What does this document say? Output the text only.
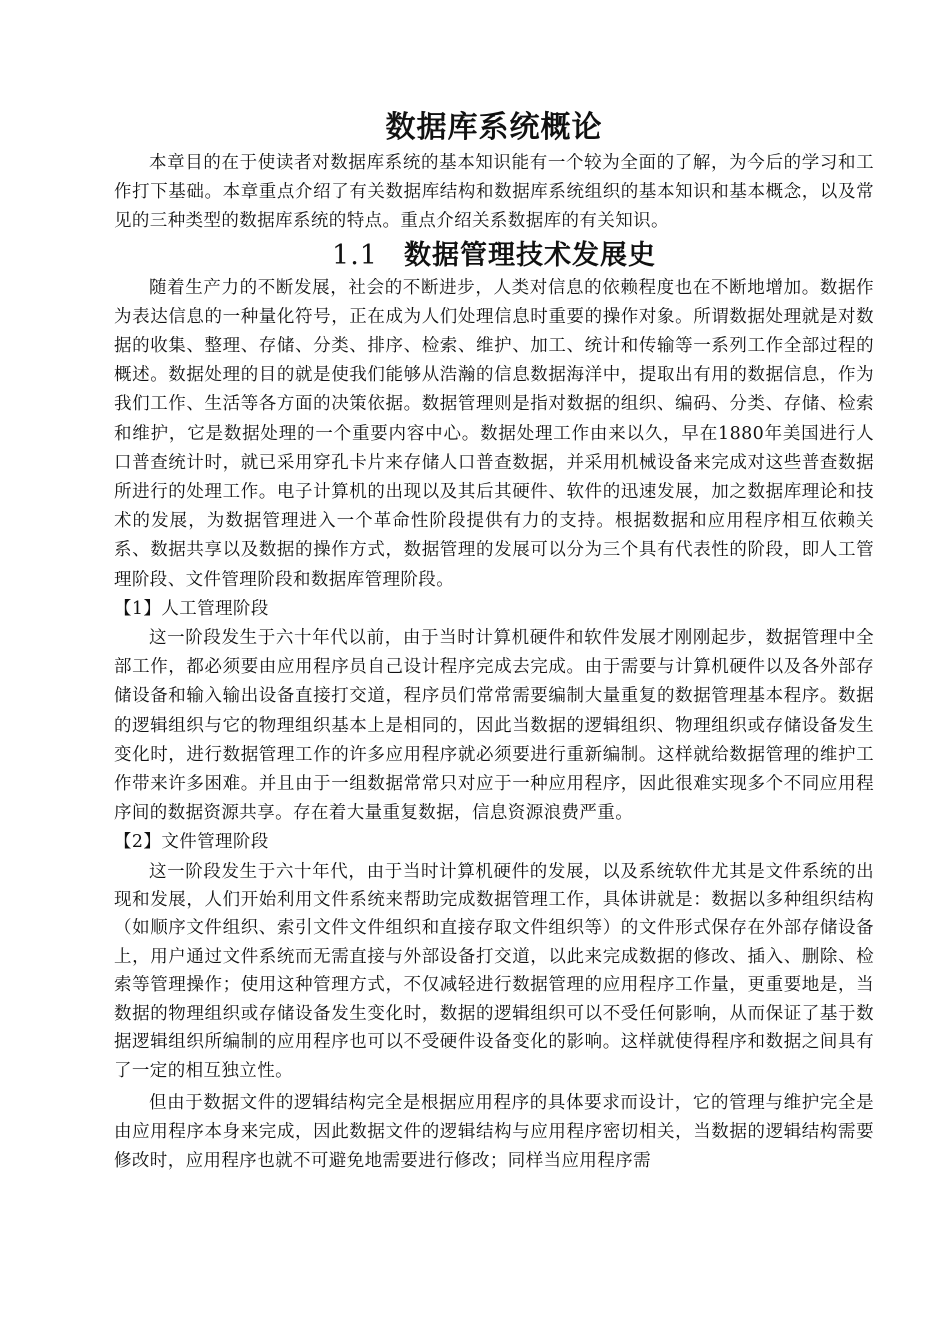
数据库系统概论

本章目的在于使读者对数据库系统的基本知识能有一个较为全面的了解，为今后的学习和工作打下基础。本章重点介绍了有关数据库结构和数据库系统组织的基本知识和基本概念，以及常见的三种类型的数据库系统的特点。重点介绍关系数据库的有关知识。

1.1 数据管理技术发展史

随着生产力的不断发展，社会的不断进步，人类对信息的依赖程度也在不断地增加。数据作为表达信息的一种量化符号，正在成为人们处理信息时重要的操作对象。所谓数据处理就是对数据的收集、整理、存储、分类、排序、检索、维护、加工、统计和传输等一系列工作全部过程的概述。数据处理的目的就是使我们能够从浩瀚的信息数据海洋中，提取出有用的数据信息，作为我们工作、生活等各方面的决策依据。数据管理则是指对数据的组织、编码、分类、存储、检索和维护，它是数据处理的一个重要内容中心。数据处理工作由来以久，早在1880年美国进行人口普查统计时，就已采用穿孔卡片来存储人口普查数据，并采用机械设备来完成对这些普查数据所进行的处理工作。电子计算机的出现以及其后其硬件、软件的迅速发展，加之数据库理论和技术的发展，为数据管理进入一个革命性阶段提供有力的支持。根据数据和应用程序相互依赖关系、数据共享以及数据的操作方式，数据管理的发展可以分为三个具有代表性的阶段，即人工管理阶段、文件管理阶段和数据库管理阶段。

【1】人工管理阶段

这一阶段发生于六十年代以前，由于当时计算机硬件和软件发展才刚刚起步，数据管理中全部工作，都必须要由应用程序员自己设计程序完成去完成。由于需要与计算机硬件以及各外部存储设备和输入输出设备直接打交道，程序员们常常需要编制大量重复的数据管理基本程序。数据的逻辑组织与它的物理组织基本上是相同的，因此当数据的逻辑组织、物理组织或存储设备发生变化时，进行数据管理工作的许多应用程序就必须要进行重新编制。这样就给数据管理的维护工作带来许多困难。并且由于一组数据常常只对应于一种应用程序，因此很难实现多个不同应用程序间的数据资源共享。存在着大量重复数据，信息资源浪费严重。

【2】文件管理阶段

这一阶段发生于六十年代，由于当时计算机硬件的发展，以及系统软件尤其是文件系统的出现和发展，人们开始利用文件系统来帮助完成数据管理工作，具体讲就是：数据以多种组织结构（如顺序文件组织、索引文件文件组织和直接存取文件组织等）的文件形式保存在外部存储设备上，用户通过文件系统而无需直接与外部设备打交道，以此来完成数据的修改、插入、删除、检索等管理操作；使用这种管理方式，不仅减轻进行数据管理的应用程序工作量，更重要地是，当数据的物理组织或存储设备发生变化时，数据的逻辑组织可以不受任何影响，从而保证了基于数据逻辑组织所编制的应用程序也可以不受硬件设备变化的影响。这样就使得程序和数据之间具有了一定的相互独立性。

但由于数据文件的逻辑结构完全是根据应用程序的具体要求而设计，它的管理与维护完全是由应用程序本身来完成，因此数据文件的逻辑结构与应用程序密切相关，当数据的逻辑结构需要修改时，应用程序也就不可避免地需要进行修改；同样当应用程序需
